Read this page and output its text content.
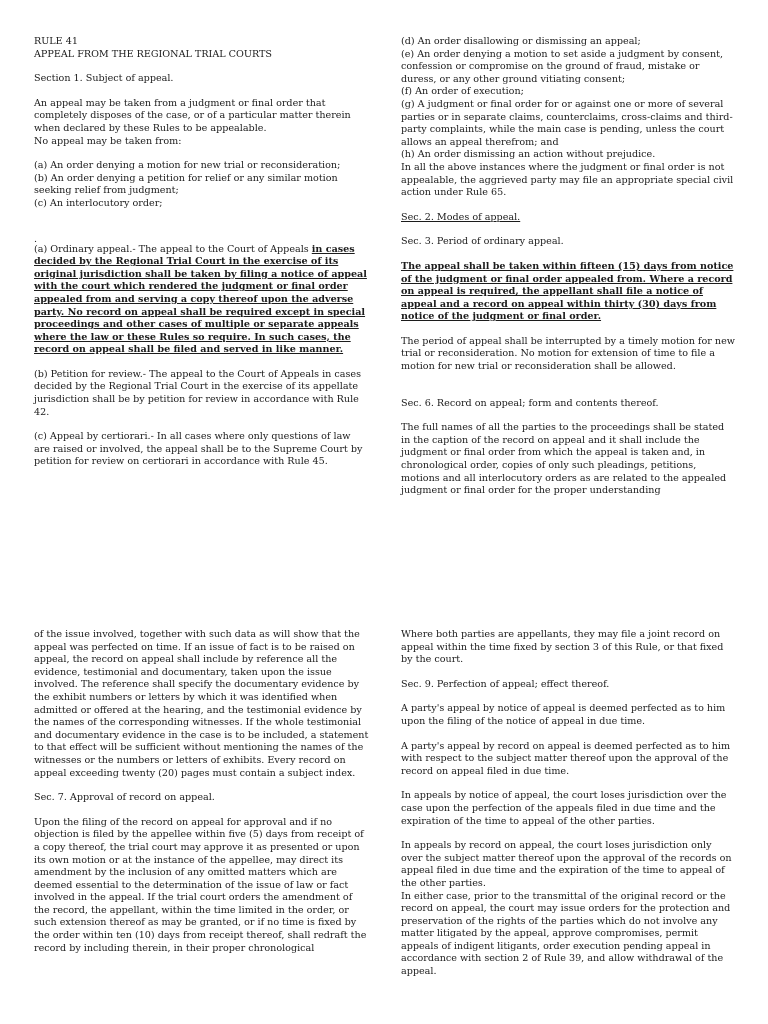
RULE 41

APPEAL FROM THE REGIONAL TRIAL COURTS

Section 1. Subject of appeal.

An appeal may be taken from a judgment or final order that completely disposes of the case, or of a particular matter therein when declared by these Rules to be appealable.

No appeal may be taken from:

(a) An order denying a motion for new trial or reconsideration;

(b) An order denying a petition for relief or any similar motion seeking relief from judgment;

(c) An interlocutory order;

.

(a) Ordinary appeal.- The appeal to the Court of Appeals in cases decided by the Regional Trial Court in the exercise of its original jurisdiction shall be taken by filing a notice of appeal with the court which rendered the judgment or final order appealed from and serving a copy thereof upon the adverse party. No record on appeal shall be required except in special proceedings and other cases of multiple or separate appeals where the law or these Rules so require. In such cases, the record on appeal shall be filed and served in like manner.

(b) Petition for review.- The appeal to the Court of Appeals in cases decided by the Regional Trial Court in the exercise of its appellate jurisdiction shall be by petition for review in accordance with Rule 42.

(c) Appeal by certiorari.- In all cases where only questions of law are raised or involved, the appeal shall be to the Supreme Court by petition for review on certiorari in accordance with Rule 45.

(d) An order disallowing or dismissing an appeal;

(e) An order denying a motion to set aside a judgment by consent, confession or compromise on the ground of fraud, mistake or duress, or any other ground vitiating consent;

(f) An order of execution;

(g) A judgment or final order for or against one or more of several parties or in separate claims, counterclaims, cross-claims and third-party complaints, while the main case is pending, unless the court allows an appeal therefrom; and

(h) An order dismissing an action without prejudice.

In all the above instances where the judgment or final order is not appealable, the aggrieved party may file an appropriate special civil action under Rule 65.

Sec. 2. Modes of appeal.

Sec. 3. Period of ordinary appeal.

The appeal shall be taken within fifteen (15) days from notice of the judgment or final order appealed from. Where a record on appeal is required, the appellant shall file a notice of appeal and a record on appeal within thirty (30) days from notice of the judgment or final order.

The period of appeal shall be interrupted by a timely motion for new trial or reconsideration. No motion for extension of time to file a motion for new trial or reconsideration shall be allowed.

Sec. 6. Record on appeal; form and contents thereof.

The full names of all the parties to the proceedings shall be stated in the caption of the record on appeal and it shall include the judgment or final order from which the appeal is taken and, in chronological order, copies of only such pleadings, petitions, motions and all interlocutory orders as are related to the appealed judgment or final order for the proper understanding

of the issue involved, together with such data as will show that the appeal was perfected on time. If an issue of fact is to be raised on appeal, the record on appeal shall include by reference all the evidence, testimonial and documentary, taken upon the issue involved. The reference shall specify the documentary evidence by the exhibit numbers or letters by which it was identified when admitted or offered at the hearing, and the testimonial evidence by the names of the corresponding witnesses. If the whole testimonial and documentary evidence in the case is to be included, a statement to that effect will be sufficient without mentioning the names of the witnesses or the numbers or letters of exhibits. Every record on appeal exceeding twenty (20) pages must contain a subject index.

Sec. 7. Approval of record on appeal.

Upon the filing of the record on appeal for approval and if no objection is filed by the appellee within five (5) days from receipt of a copy thereof, the trial court may approve it as presented or upon its own motion or at the instance of the appellee, may direct its amendment by the inclusion of any omitted matters which are deemed essential to the determination of the issue of law or fact involved in the appeal. If the trial court orders the amendment of the record, the appellant, within the time limited in the order, or such extension thereof as may be granted, or if no time is fixed by the order within ten (10) days from receipt thereof, shall redraft the record by including therein, in their proper chronological

Where both parties are appellants, they may file a joint record on appeal within the time fixed by section 3 of this Rule, or that fixed by the court.

Sec. 9. Perfection of appeal; effect thereof.

A party's appeal by notice of appeal is deemed perfected as to him upon the filing of the notice of appeal in due time.

A party's appeal by record on appeal is deemed perfected as to him with respect to the subject matter thereof upon the approval of the record on appeal filed in due time.

In appeals by notice of appeal, the court loses jurisdiction over the case upon the perfection of the appeals filed in due time and the expiration of the time to appeal of the other parties.

In appeals by record on appeal, the court loses jurisdiction only over the subject matter thereof upon the approval of the records on appeal filed in due time and the expiration of the time to appeal of the other parties.

In either case, prior to the transmittal of the original record or the record on appeal, the court may issue orders for the protection and preservation of the rights of the parties which do not involve any matter litigated by the appeal, approve compromises, permit appeals of indigent litigants, order execution pending appeal in accordance with section 2 of Rule 39, and allow withdrawal of the appeal.
